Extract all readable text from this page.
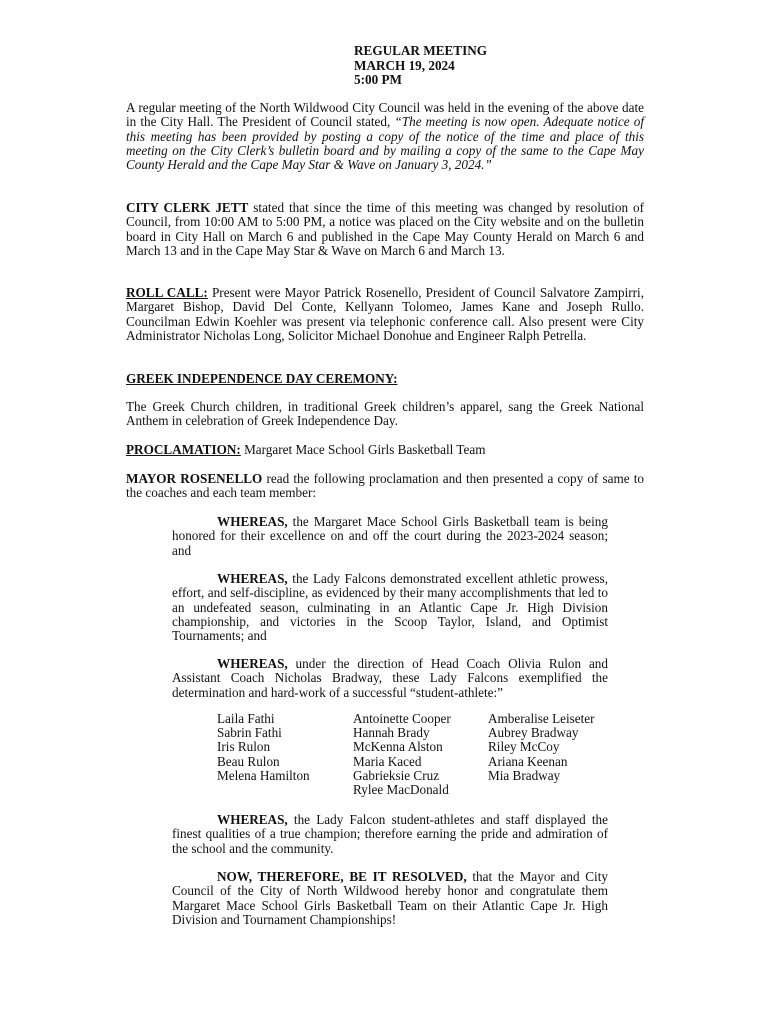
REGULAR MEETING
MARCH 19, 2024
5:00 PM

A regular meeting of the North Wildwood City Council was held in the evening of the above date in the City Hall. The President of Council stated, “The meeting is now open. Adequate notice of this meeting has been provided by posting a copy of the notice of the time and place of this meeting on the City Clerk’s bulletin board and by mailing a copy of the same to the Cape May County Herald and the Cape May Star & Wave on January 3, 2024.”

CITY CLERK JETT stated that since the time of this meeting was changed by resolution of Council, from 10:00 AM to 5:00 PM, a notice was placed on the City website and on the bulletin board in City Hall on March 6 and published in the Cape May County Herald on March 6 and March 13 and in the Cape May Star & Wave on March 6 and March 13.

ROLL CALL: Present were Mayor Patrick Rosenello, President of Council Salvatore Zampirri, Margaret Bishop, David Del Conte, Kellyann Tolomeo, James Kane and Joseph Rullo. Councilman Edwin Koehler was present via telephonic conference call. Also present were City Administrator Nicholas Long, Solicitor Michael Donohue and Engineer Ralph Petrella.

GREEK INDEPENDENCE DAY CEREMONY:

The Greek Church children, in traditional Greek children’s apparel, sang the Greek National Anthem in celebration of Greek Independence Day.

PROCLAMATION: Margaret Mace School Girls Basketball Team

MAYOR ROSENELLO read the following proclamation and then presented a copy of same to the coaches and each team member:

WHEREAS, the Margaret Mace School Girls Basketball team is being honored for their excellence on and off the court during the 2023-2024 season; and

WHEREAS, the Lady Falcons demonstrated excellent athletic prowess, effort, and self-discipline, as evidenced by their many accomplishments that led to an undefeated season, culminating in an Atlantic Cape Jr. High Division championship, and victories in the Scoop Taylor, Island, and Optimist Tournaments; and

WHEREAS, under the direction of Head Coach Olivia Rulon and Assistant Coach Nicholas Bradway, these Lady Falcons exemplified the determination and hard-work of a successful “student-athlete:”

Laila Fathi
Sabrin Fathi
Iris Rulon
Beau Rulon
Melena Hamilton
Antoinette Cooper
Hannah Brady
McKenna Alston
Maria Kaced
Gabrieksie Cruz
Rylee MacDonald
Amberalise Leiseter
Aubrey Bradway
Riley McCoy
Ariana Keenan
Mia Bradway

WHEREAS, the Lady Falcon student-athletes and staff displayed the finest qualities of a true champion; therefore earning the pride and admiration of the school and the community.

NOW, THEREFORE, BE IT RESOLVED, that the Mayor and City Council of the City of North Wildwood hereby honor and congratulate them Margaret Mace School Girls Basketball Team on their Atlantic Cape Jr. High Division and Tournament Championships!
